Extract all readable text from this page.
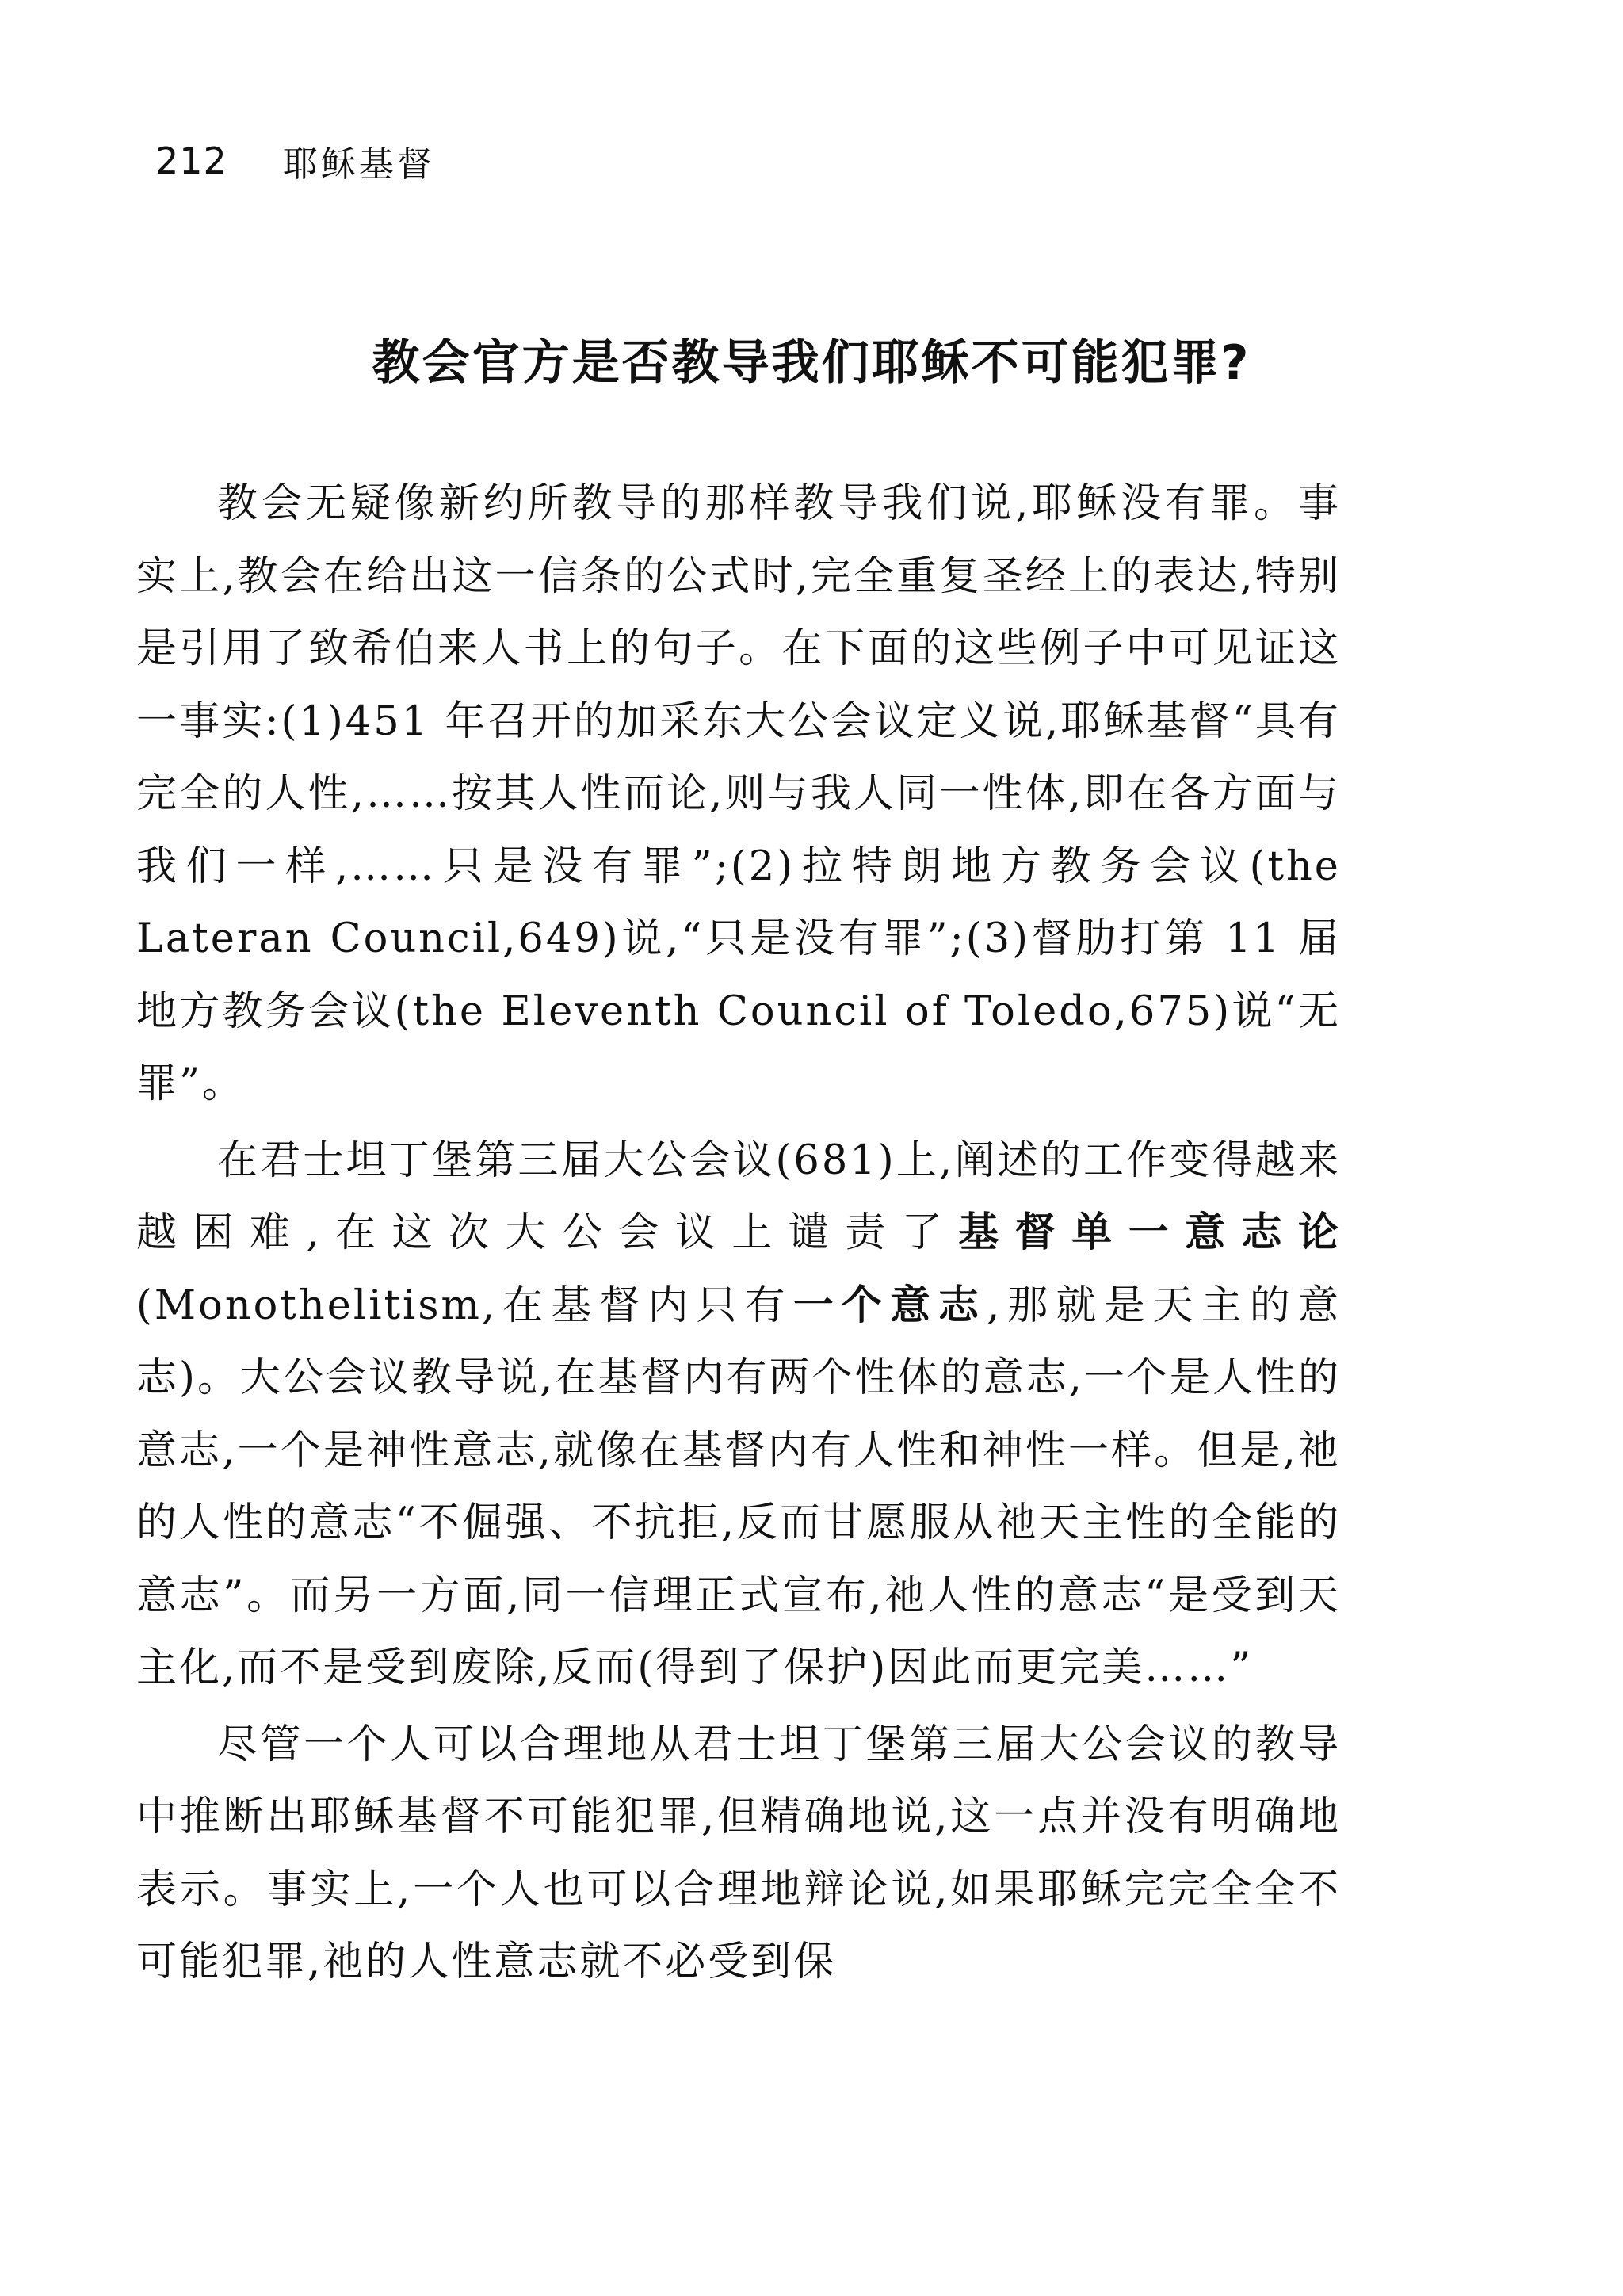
212 耶稣基督
教会官方是否教导我们耶稣不可能犯罪?

教会无疑像新约所教导的那样教导我们说,耶稣没有罪。事实上,教会在给出这一信条的公式时,完全重复圣经上的表达,特别是引用了致希伯来人书上的句子。在下面的这些例子中可见证这一事实:(1)451 年召开的加采东大公会议定义说,耶稣基督“具有完全的人性,……按其人性而论,则与我人同一性体,即在各方面与我们一样,……只是没有罪”;(2)拉特朗地方教务会议(the Lateran Council,649)说,“只是没有罪”;(3)督肋打第 11 届地方教务会议(the Eleventh Council of Toledo,675)说“无罪”。

在君士坦丁堡第三届大公会议(681)上,阐述的工作变得越来越困难,在这次大公会议上谴责了基督单一意志论(Monothelitism,在基督内只有一个意志,那就是天主的意志)。大公会议教导说,在基督内有两个性体的意志,一个是人性的意志,一个是神性意志,就像在基督内有人性和神性一样。但是,祂的人性的意志“不倔强、不抗拒,反而甘愿服从祂天主性的全能的意志”。而另一方面,同一信理正式宣布,祂人性的意志“是受到天主化,而不是受到废除,反而(得到了保护)因此而更完美……”

尽管一个人可以合理地从君士坦丁堡第三届大公会议的教导中推断出耶稣基督不可能犯罪,但精确地说,这一点并没有明确地表示。事实上,一个人也可以合理地辩论说,如果耶稣完完全全不可能犯罪,祂的人性意志就不必受到保
